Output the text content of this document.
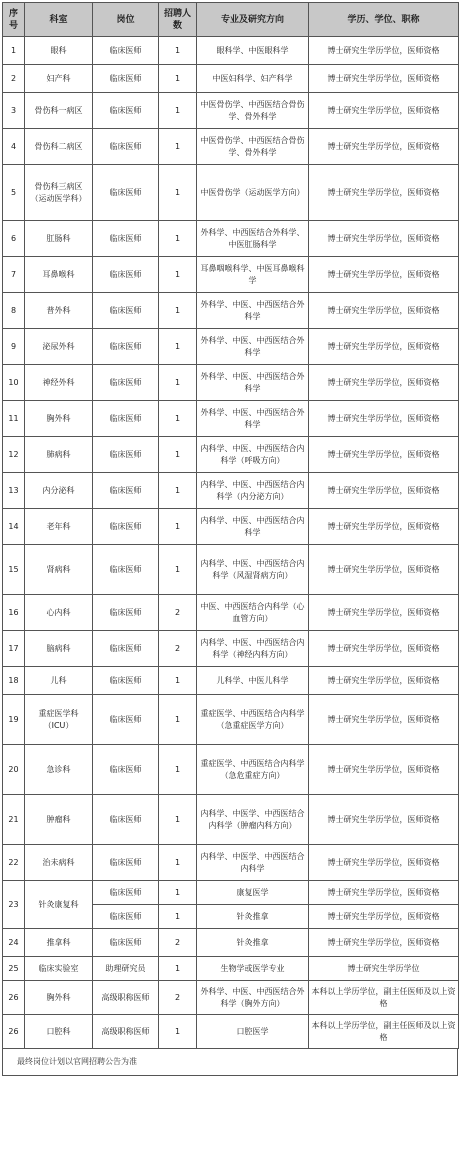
序号	科室	岗位	招聘人数	专业及研究方向	学历、学位、职称
1	眼科	临床医师	1	眼科学、中医眼科学	博士研究生学历学位，医师资格
2	妇产科	临床医师	1	中医妇科学、妇产科学	博士研究生学历学位，医师资格
3	骨伤科一病区	临床医师	1	中医骨伤学、中西医结合骨伤学、骨外科学	博士研究生学历学位，医师资格
4	骨伤科二病区	临床医师	1	中医骨伤学、中西医结合骨伤学、骨外科学	博士研究生学历学位，医师资格
5	骨伤科三病区（运动医学科）	临床医师	1	中医骨伤学（运动医学方向）	博士研究生学历学位，医师资格
6	肛肠科	临床医师	1	外科学、中西医结合外科学、中医肛肠科学	博士研究生学历学位，医师资格
7	耳鼻喉科	临床医师	1	耳鼻咽喉科学、中医耳鼻喉科学	博士研究生学历学位，医师资格
8	普外科	临床医师	1	外科学、中医、中西医结合外科学	博士研究生学历学位，医师资格
9	泌尿外科	临床医师	1	外科学、中医、中西医结合外科学	博士研究生学历学位，医师资格
10	神经外科	临床医师	1	外科学、中医、中西医结合外科学	博士研究生学历学位，医师资格
11	胸外科	临床医师	1	外科学、中医、中西医结合外科学	博士研究生学历学位，医师资格
12	肺病科	临床医师	1	内科学、中医、中西医结合内科学（呼吸方向）	博士研究生学历学位，医师资格
13	内分泌科	临床医师	1	内科学、中医、中西医结合内科学（内分泌方向）	博士研究生学历学位，医师资格
14	老年科	临床医师	1	内科学、中医、中西医结合内科学	博士研究生学历学位，医师资格
15	肾病科	临床医师	1	内科学、中医、中西医结合内科学（风湿肾病方向）	博士研究生学历学位，医师资格
16	心内科	临床医师	2	中医、中西医结合内科学（心血管方向）	博士研究生学历学位，医师资格
17	脑病科	临床医师	2	内科学、中医、中西医结合内科学（神经内科方向）	博士研究生学历学位，医师资格
18	儿科	临床医师	1	儿科学、中医儿科学	博士研究生学历学位，医师资格
19	重症医学科（ICU）	临床医师	1	重症医学、中西医结合内科学（急重症医学方向）	博士研究生学历学位，医师资格
20	急诊科	临床医师	1	重症医学、中西医结合内科学（急危重症方向）	博士研究生学历学位，医师资格
21	肿瘤科	临床医师	1	内科学、中医学、中西医结合内科学（肿瘤内科方向）	博士研究生学历学位，医师资格
22	治未病科	临床医师	1	内科学、中医学、中西医结合内科学	博士研究生学历学位，医师资格
23	针灸康复科	临床医师	1	康复医学	博士研究生学历学位，医师资格
		临床医师	1	针灸推拿	博士研究生学历学位，医师资格
24	推拿科	临床医师	2	针灸推拿	博士研究生学历学位，医师资格
25	临床实验室	助理研究员	1	生物学或医学专业	博士研究生学历学位
26	胸外科	高级职称医师	2	外科学、中医、中西医结合外科学（胸外方向）	本科以上学历学位，副主任医师及以上资格
26	口腔科	高级职称医师	1	口腔医学	本科以上学历学位，副主任医师及以上资格
最终岗位计划以官网招聘公告为准
